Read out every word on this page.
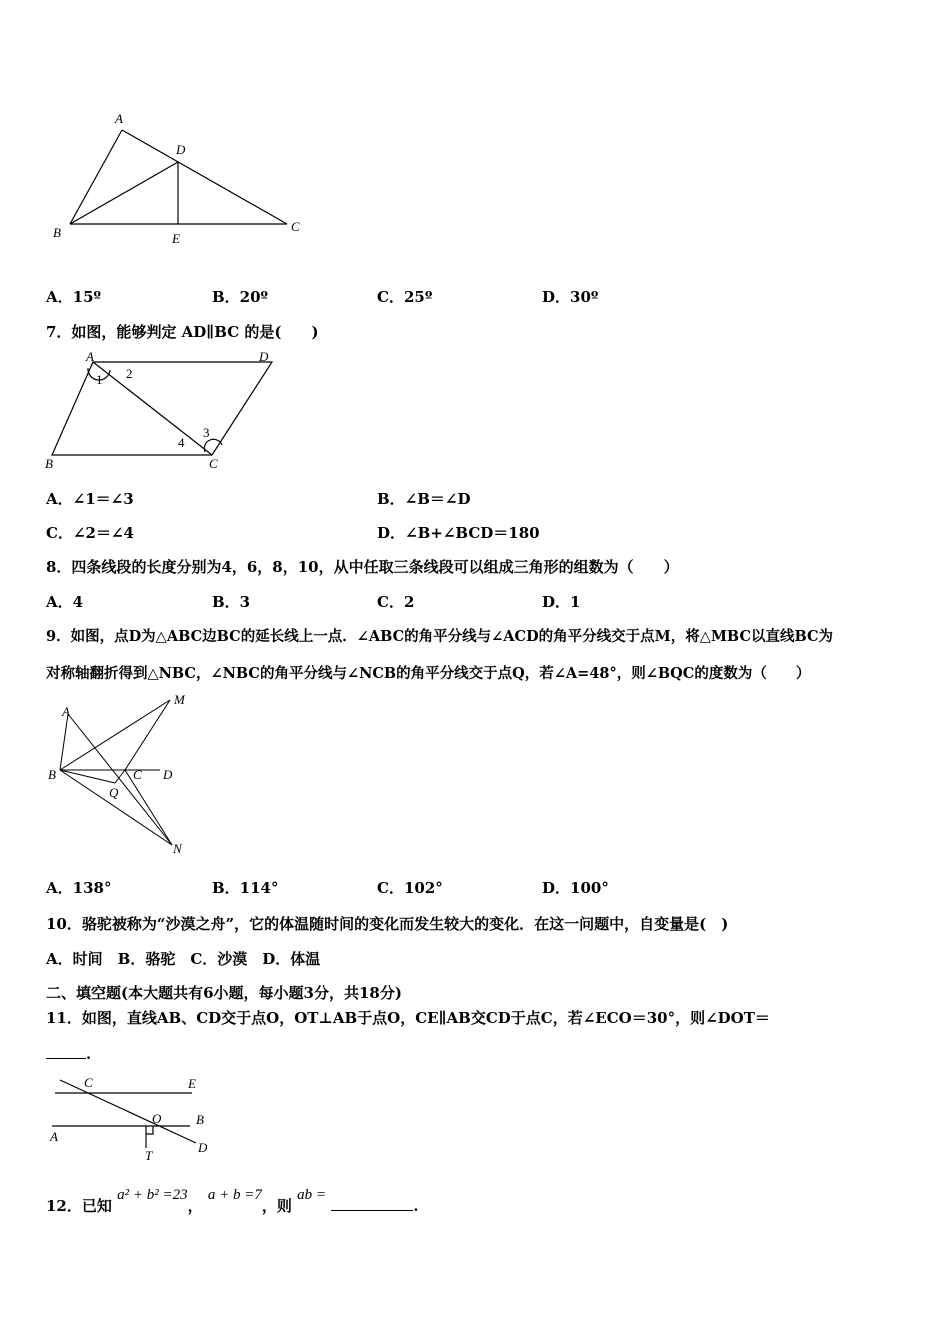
A
B	C
D
E
A	D
B	C
1 2
3
4
A
M
B	C D
Q
N
C	E
O	B
A
T
D
A．15º	B．20º	C．25º	D．30º
7．如图，能够判定 AD∥BC 的是(　　)
A．∠1＝∠3	B．∠B＝∠D
C．∠2＝∠4	D．∠B+∠BCD＝180
8．四条线段的长度分别为4，6，8，10，从中任取三条线段可以组成三角形的组数为（　　）
A．4	B．3	C．2	D．1
9．如图，点D为△ABC边BC的延长线上一点．∠ABC的角平分线与∠ACD的角平分线交于点M，将△MBC以直线BC为
对称轴翻折得到△NBC，∠NBC的角平分线与∠NCB的角平分线交于点Q，若∠A=48°，则∠BQC的度数为（　　）
A．138°	B．114°	C．102°	D．100°
10．骆驼被称为“沙漠之舟”，它的体温随时间的变化而发生较大的变化．在这一问题中，自变量是(　)
A．时间　B．骆驼　C．沙漠　D．体温
二、填空题(本大题共有6小题，每小题3分，共18分)
11．如图，直线AB、CD交于点O，OT⊥AB于点O，CE∥AB交CD于点C，若∠ECO＝30°，则∠DOT＝
.
12．已知 a² + b² =23， a + b =7，则 ab = .
